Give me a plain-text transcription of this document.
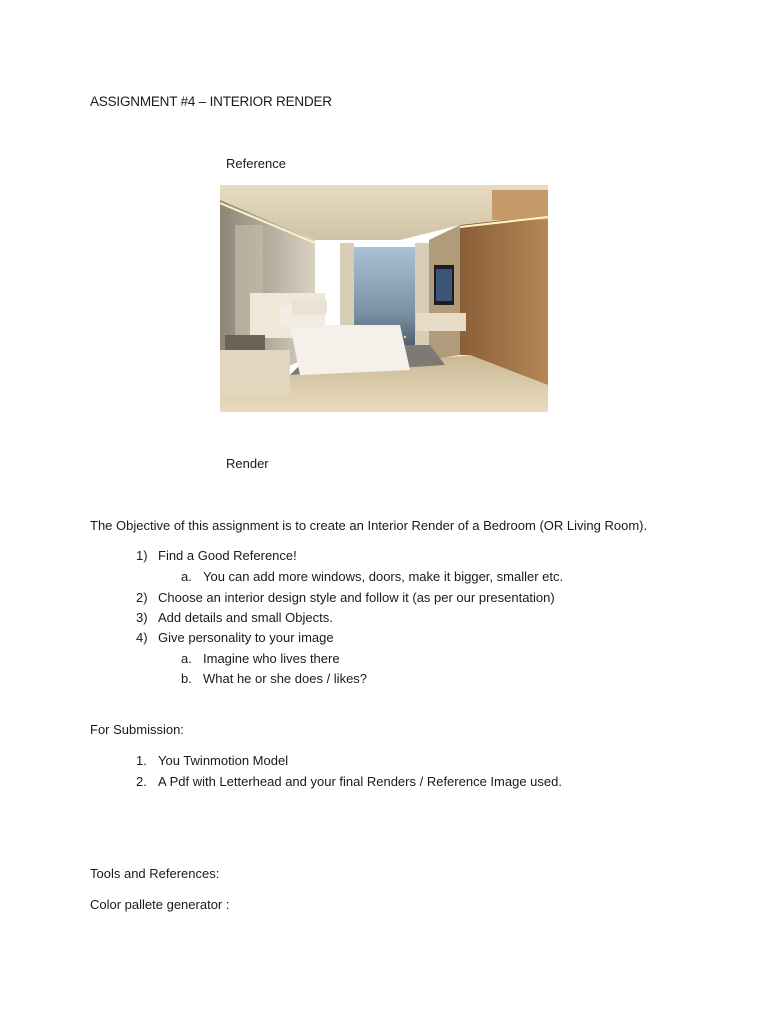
ASSIGNMENT #4 – INTERIOR RENDER
Reference
Render
The Objective of this assignment is to create an Interior Render of a Bedroom (OR Living Room).
1) Find a Good Reference!
a. You can add more windows, doors, make it bigger, smaller etc.
2) Choose an interior design style and follow it (as per our presentation)
3) Add details and small Objects.
4) Give personality to your image
a. Imagine who lives there
b. What he or she does / likes?
For Submission:
1. You Twinmotion Model
2. A Pdf with Letterhead and your final Renders / Reference Image used.
Tools and References:
Color pallete generator :
